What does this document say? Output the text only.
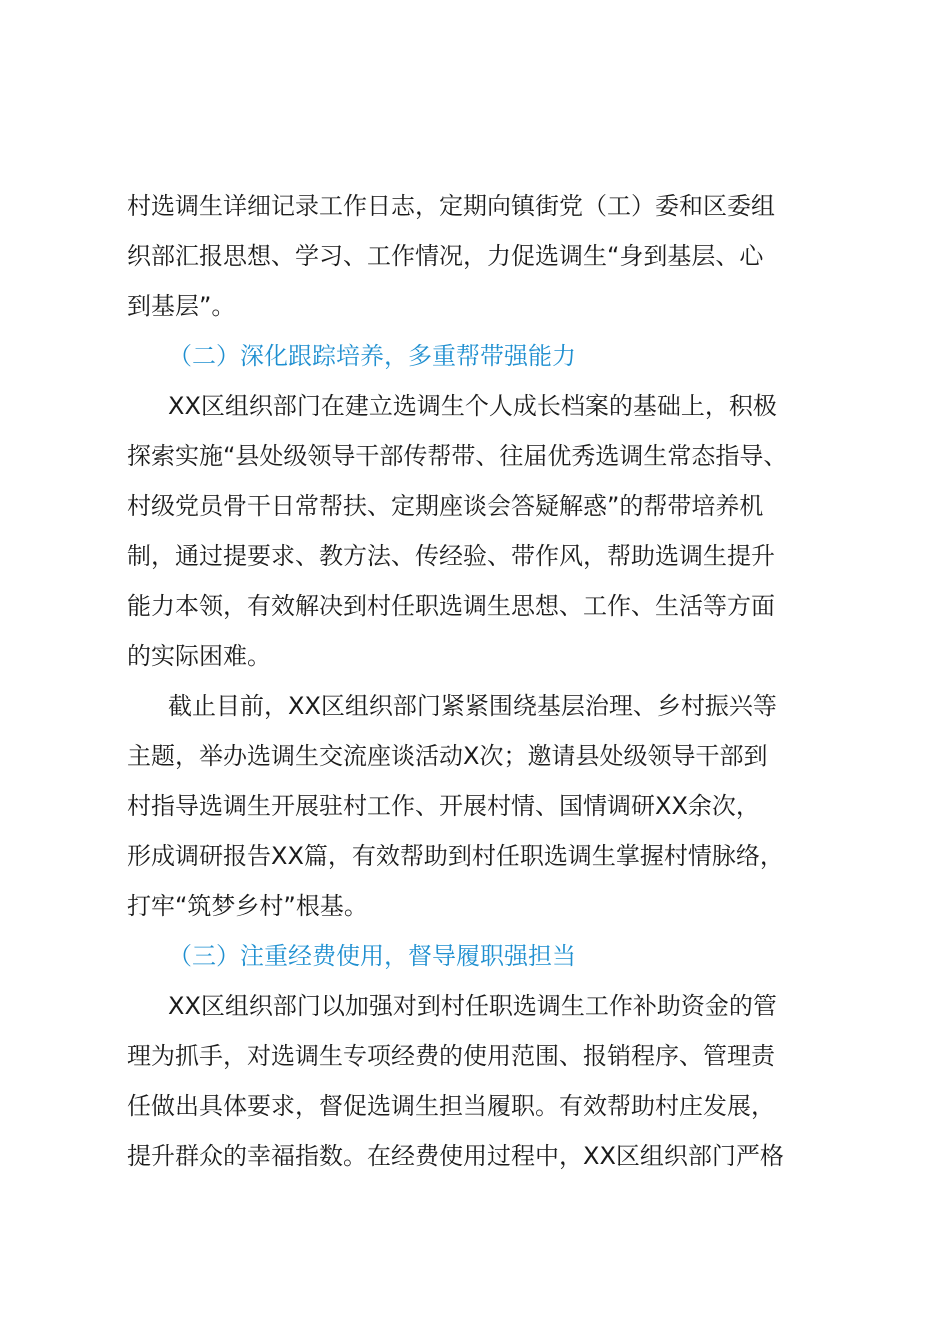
村选调生详细记录工作日志，定期向镇街党（工）委和区委组
织部汇报思想、学习、工作情况，力促选调生“身到基层、心
到基层”。
（二）深化跟踪培养，多重帮带强能力
XX区组织部门在建立选调生个人成长档案的基础上，积极
探索实施“县处级领导干部传帮带、往届优秀选调生常态指导、
村级党员骨干日常帮扶、定期座谈会答疑解惑”的帮带培养机
制，通过提要求、教方法、传经验、带作风，帮助选调生提升
能力本领，有效解决到村任职选调生思想、工作、生活等方面
的实际困难。
截止目前，XX区组织部门紧紧围绕基层治理、乡村振兴等
主题，举办选调生交流座谈活动X次；邀请县处级领导干部到
村指导选调生开展驻村工作、开展村情、国情调研XX余次，
形成调研报告XX篇，有效帮助到村任职选调生掌握村情脉络，
打牢“筑梦乡村”根基。
（三）注重经费使用，督导履职强担当
XX区组织部门以加强对到村任职选调生工作补助资金的管
理为抓手，对选调生专项经费的使用范围、报销程序、管理责
任做出具体要求，督促选调生担当履职。有效帮助村庄发展，
提升群众的幸福指数。在经费使用过程中，XX区组织部门严格
